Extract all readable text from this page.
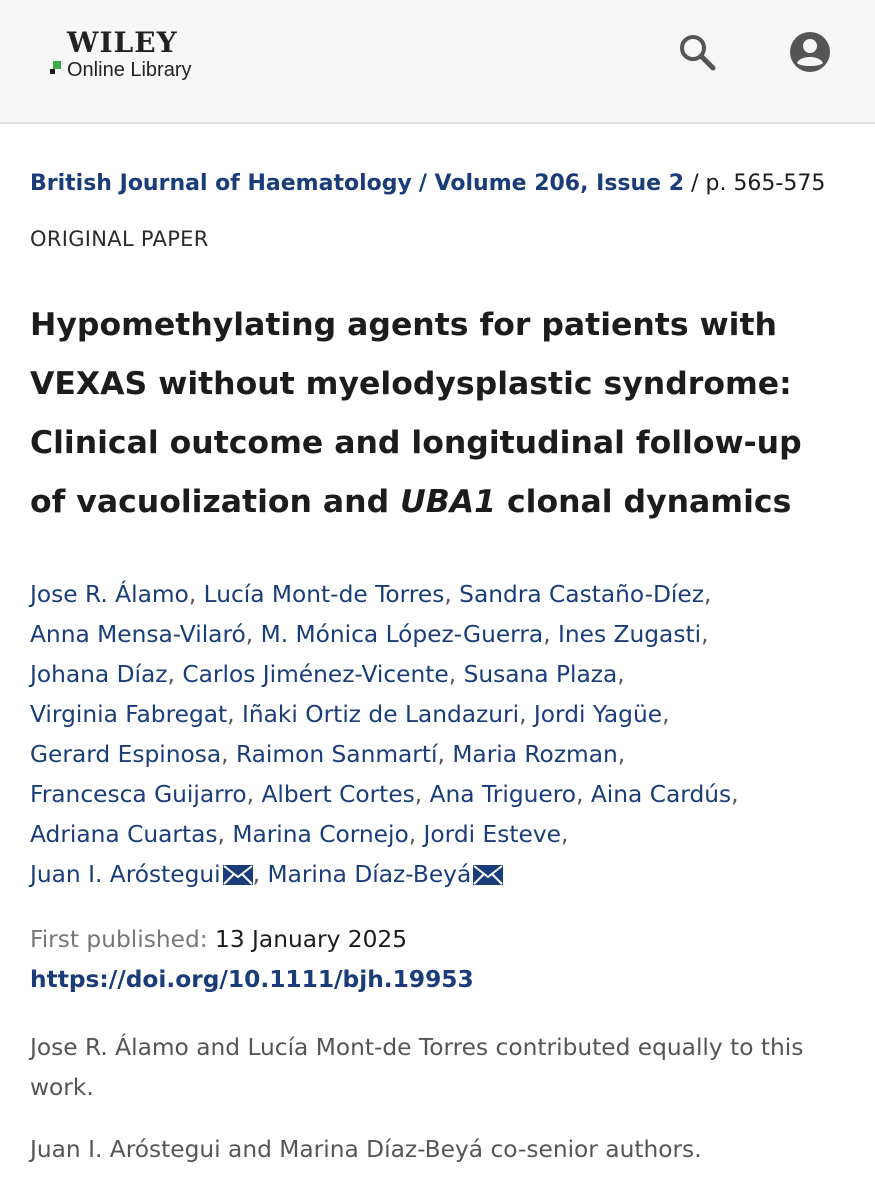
WILEY
Online Library
British Journal of Haematology / Volume 206, Issue 2 / p. 565-575
ORIGINAL PAPER
Hypomethylating agents for patients with VEXAS without myelodysplastic syndrome: Clinical outcome and longitudinal follow-up of vacuolization and UBA1 clonal dynamics
Jose R. Álamo, Lucía Mont-de Torres, Sandra Castaño-Díez,
Anna Mensa-Vilaró, M. Mónica López-Guerra, Ines Zugasti,
Johana Díaz, Carlos Jiménez-Vicente, Susana Plaza,
Virginia Fabregat, Iñaki Ortiz de Landazuri, Jordi Yagüe,
Gerard Espinosa, Raimon Sanmartí, Maria Rozman,
Francesca Guijarro, Albert Cortes, Ana Triguero, Aina Cardús,
Adriana Cuartas, Marina Cornejo, Jordi Esteve,
Juan I. Aróstegui , Marina Díaz-Beyá
First published: 13 January 2025
https://doi.org/10.1111/bjh.19953
Jose R. Álamo and Lucía Mont-de Torres contributed equally to this work.
Juan I. Aróstegui and Marina Díaz-Beyá co-senior authors.
